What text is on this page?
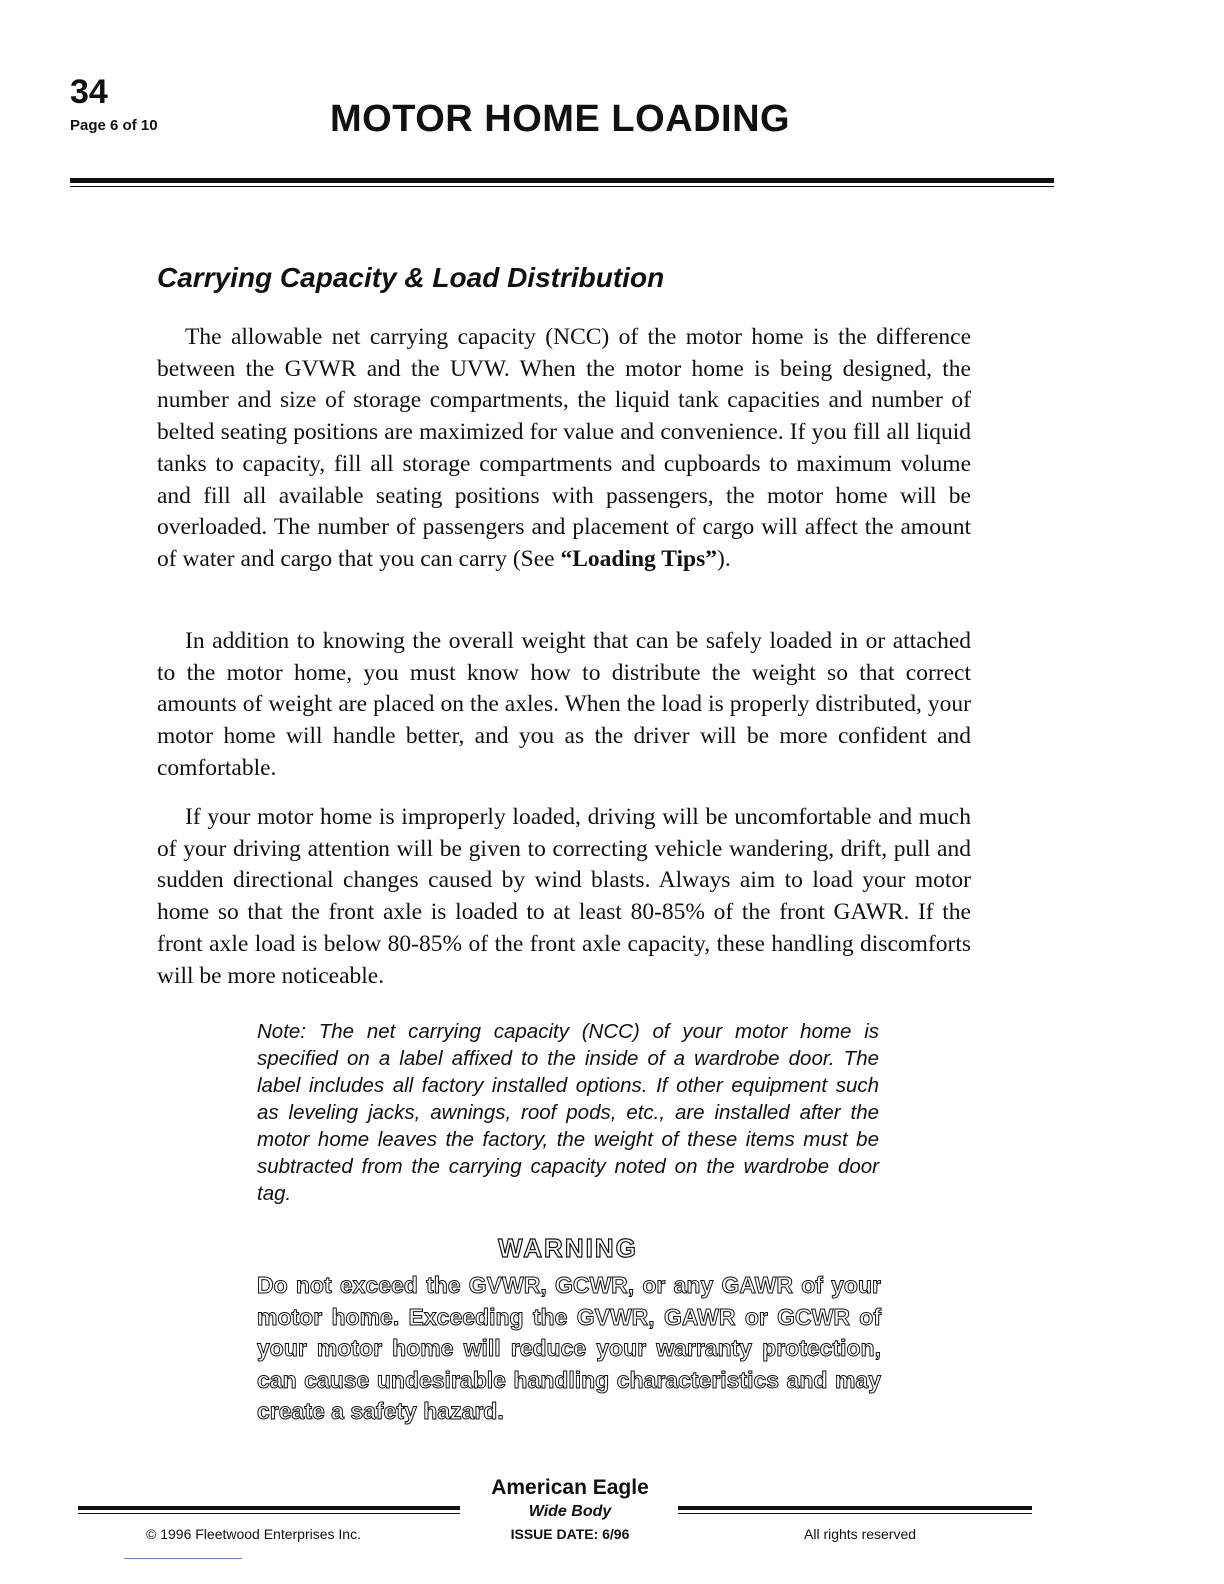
34
Page 6 of 10	MOTOR HOME LOADING
Carrying Capacity & Load Distribution

The allowable net carrying capacity (NCC) of the motor home is the difference between the GVWR and the UVW. When the motor home is being designed, the number and size of storage compartments, the liquid tank capacities and number of belted seating positions are maximized for value and convenience. If you fill all liquid tanks to capacity, fill all storage compartments and cupboards to maximum volume and fill all available seating positions with passengers, the motor home will be overloaded. The number of passengers and placement of cargo will affect the amount of water and cargo that you can carry (See “Loading Tips”).

In addition to knowing the overall weight that can be safely loaded in or attached to the motor home, you must know how to distribute the weight so that correct amounts of weight are placed on the axles. When the load is properly distributed, your motor home will handle better, and you as the driver will be more confident and comfortable.

If your motor home is improperly loaded, driving will be uncomfortable and much of your driving attention will be given to correcting vehicle wandering, drift, pull and sudden directional changes caused by wind blasts. Always aim to load your motor home so that the front axle is loaded to at least 80-85% of the front GAWR. If the front axle load is below 80-85% of the front axle capacity, these handling discomforts will be more noticeable.

Note: The net carrying capacity (NCC) of your motor home is specified on a label affixed to the inside of a wardrobe door. The label includes all factory installed options. If other equipment such as leveling jacks, awnings, roof pods, etc., are installed after the motor home leaves the factory, the weight of these items must be subtracted from the carrying capacity noted on the wardrobe door tag.

WARNING

Do not exceed the GVWR, GCWR, or any GAWR of your motor home. Exceeding the GVWR, GAWR or GCWR of your motor home will reduce your warranty protection, can cause undesirable handling characteristics and may create a safety hazard.

American Eagle
Wide Body
© 1996 Fleetwood Enterprises Inc.	ISSUE DATE: 6/96	All rights reserved
